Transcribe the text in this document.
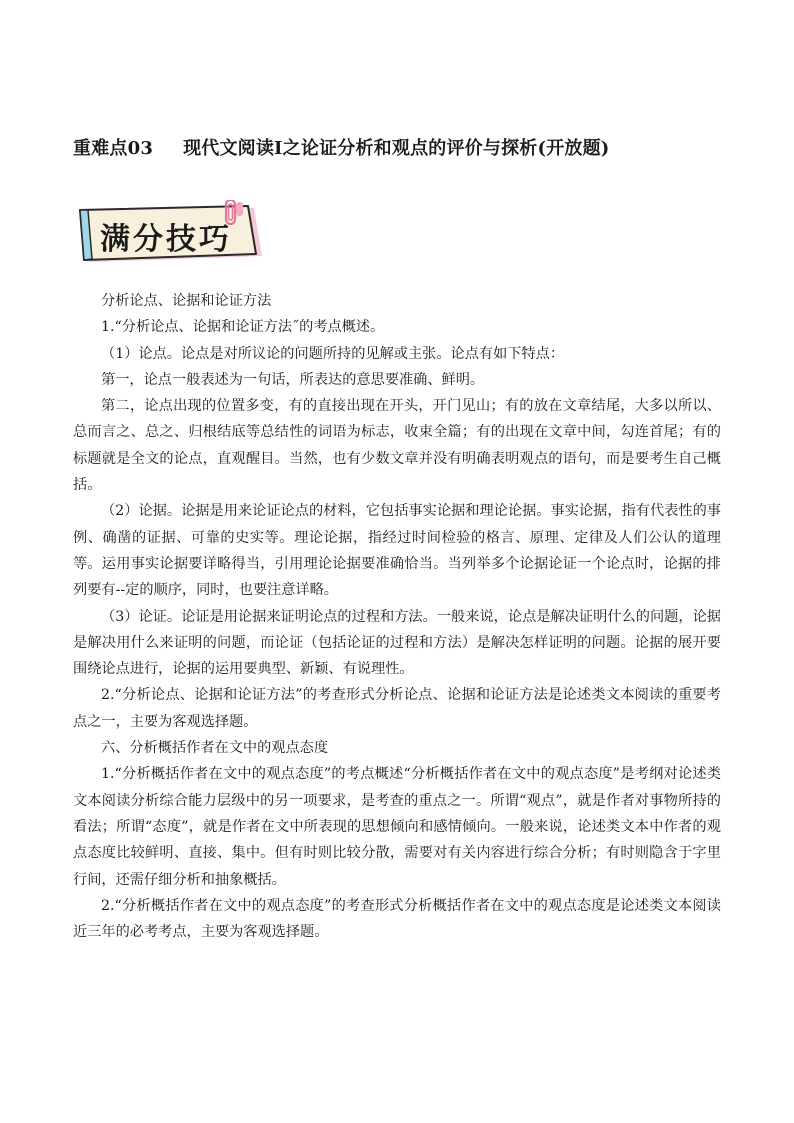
重难点03 现代文阅读I之论证分析和观点的评价与探析(开放题)
满分技巧

分析论点、论据和论证方法

1.“分析论点、论据和论证方法˝的考点概述。

（1）论点。论点是对所议论的问题所持的见解或主张。论点有如下特点：

第一，论点一般表述为一句话，所表达的意思要准确、鲜明。

第二，论点出现的位置多变，有的直接出现在开头，开门见山；有的放在文章结尾，大多以所以、总而言之、总之、归根结底等总结性的词语为标志，收束全篇；有的出现在文章中间，勾连首尾；有的标题就是全文的论点，直观醒目。当然，也有少数文章并没有明确表明观点的语句，而是要考生自己概括。

（2）论据。论据是用来论证论点的材料，它包括事实论据和理论论据。事实论据，指有代表性的事例、确凿的证据、可靠的史实等。理论论据，指经过时间检验的格言、原理、定律及人们公认的道理等。运用事实论据要详略得当，引用理论论据要准确恰当。当列举多个论据论证一个论点时，论据的排列要有--定的顺序，同时，也要注意详略。

（3）论证。论证是用论据来证明论点的过程和方法。一般来说，论点是解决证明什么的问题，论据是解决用什么来证明的问题，而论证（包括论证的过程和方法）是解决怎样证明的问题。论据的展开要围绕论点进行，论据的运用要典型、新颖、有说理性。

2.“分析论点、论据和论证方法”的考查形式分析论点、论据和论证方法是论述类文本阅读的重要考点之一，主要为客观选择题。

六、分析概括作者在文中的观点态度

1.“分析概括作者在文中的观点态度”的考点概述“分析概括作者在文中的观点态度”是考纲对论述类文本阅读分析综合能力层级中的另一项要求，是考查的重点之一。所谓“观点”，就是作者对事物所持的看法；所谓“态度”，就是作者在文中所表现的思想倾向和感情倾向。一般来说，论述类文本中作者的观点态度比较鲜明、直接、集中。但有时则比较分散，需要对有关内容进行综合分析；有时则隐含于字里行间，还需仔细分析和抽象概括。

2.“分析概括作者在文中的观点态度”的考查形式分析概括作者在文中的观点态度是论述类文本阅读近三年的必考考点，主要为客观选择题。
